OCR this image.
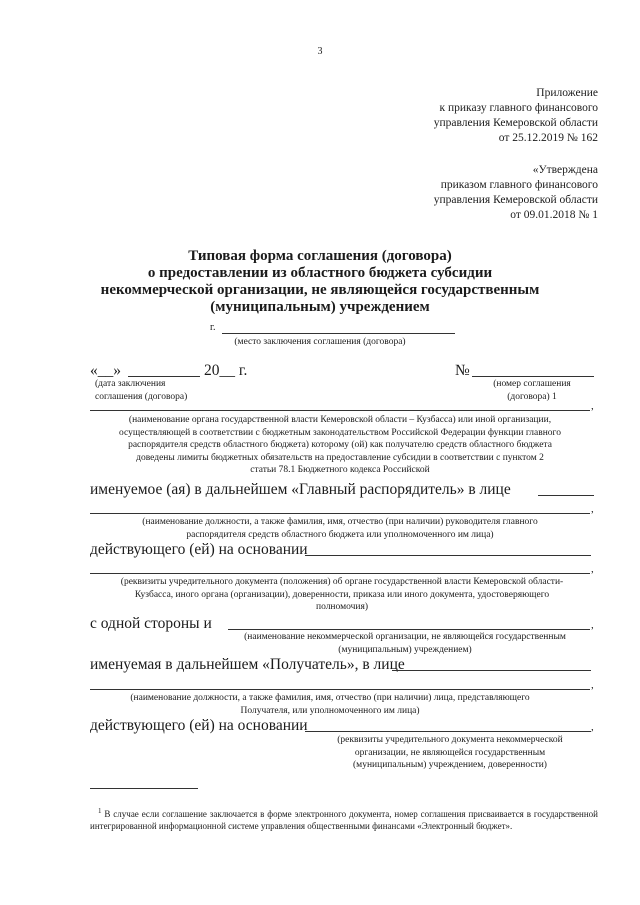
3
Приложение
к приказу главного финансового
управления Кемеровской области
от 25.12.2019 № 162
«Утверждена
приказом главного финансового
управления Кемеровской области
от 09.01.2018 № 1
Типовая форма соглашения (договора)
о предоставлении из областного бюджета субсидии
некоммерческой организации, не являющейся государственным
(муниципальным) учреждением
г.
(место заключения соглашения (договора)
«__»	20__ г.	№
(дата заключения
соглашения (договора)
(номер соглашения
(договора) 1
,
(наименование органа государственной власти Кемеровской области – Кузбасса) или иной организации,
осуществляющей в соответствии с бюджетным законодательством Российской Федерации функции главного
распорядителя средств областного бюджета) которому (ой) как получателю средств областного бюджета
доведены лимиты бюджетных обязательств на предоставление субсидии в соответствии с пунктом 2
статьи 78.1 Бюджетного кодекса Российской
именуемое (ая) в дальнейшем «Главный распорядитель» в лице
,
(наименование должности, а также фамилия, имя, отчество (при наличии) руководителя главного
распорядителя средств областного бюджета или уполномоченного им лица)
действующего (ей) на основании
,
(реквизиты учредительного документа (положения) об органе государственной власти Кемеровской области-
Кузбасса, иного органа (организации), доверенности, приказа или иного документа, удостоверяющего
полномочия)
с одной стороны и	,
(наименование некоммерческой организации, не являющейся государственным
(муниципальным) учреждением)
именуемая в дальнейшем «Получатель», в лице
,
(наименование должности, а также фамилия, имя, отчество (при наличии) лица, представляющего
Получателя, или уполномоченного им лица)
действующего (ей) на основании	,
(реквизиты учредительного документа некоммерческой
организации, не являющейся государственным
(муниципальным) учреждением, доверенности)
$^1$ В случае если соглашение заключается в форме электронного документа, номер соглашения присваивается в государственной интегрированной информационной системе управления общественными финансами «Электронный бюджет».
